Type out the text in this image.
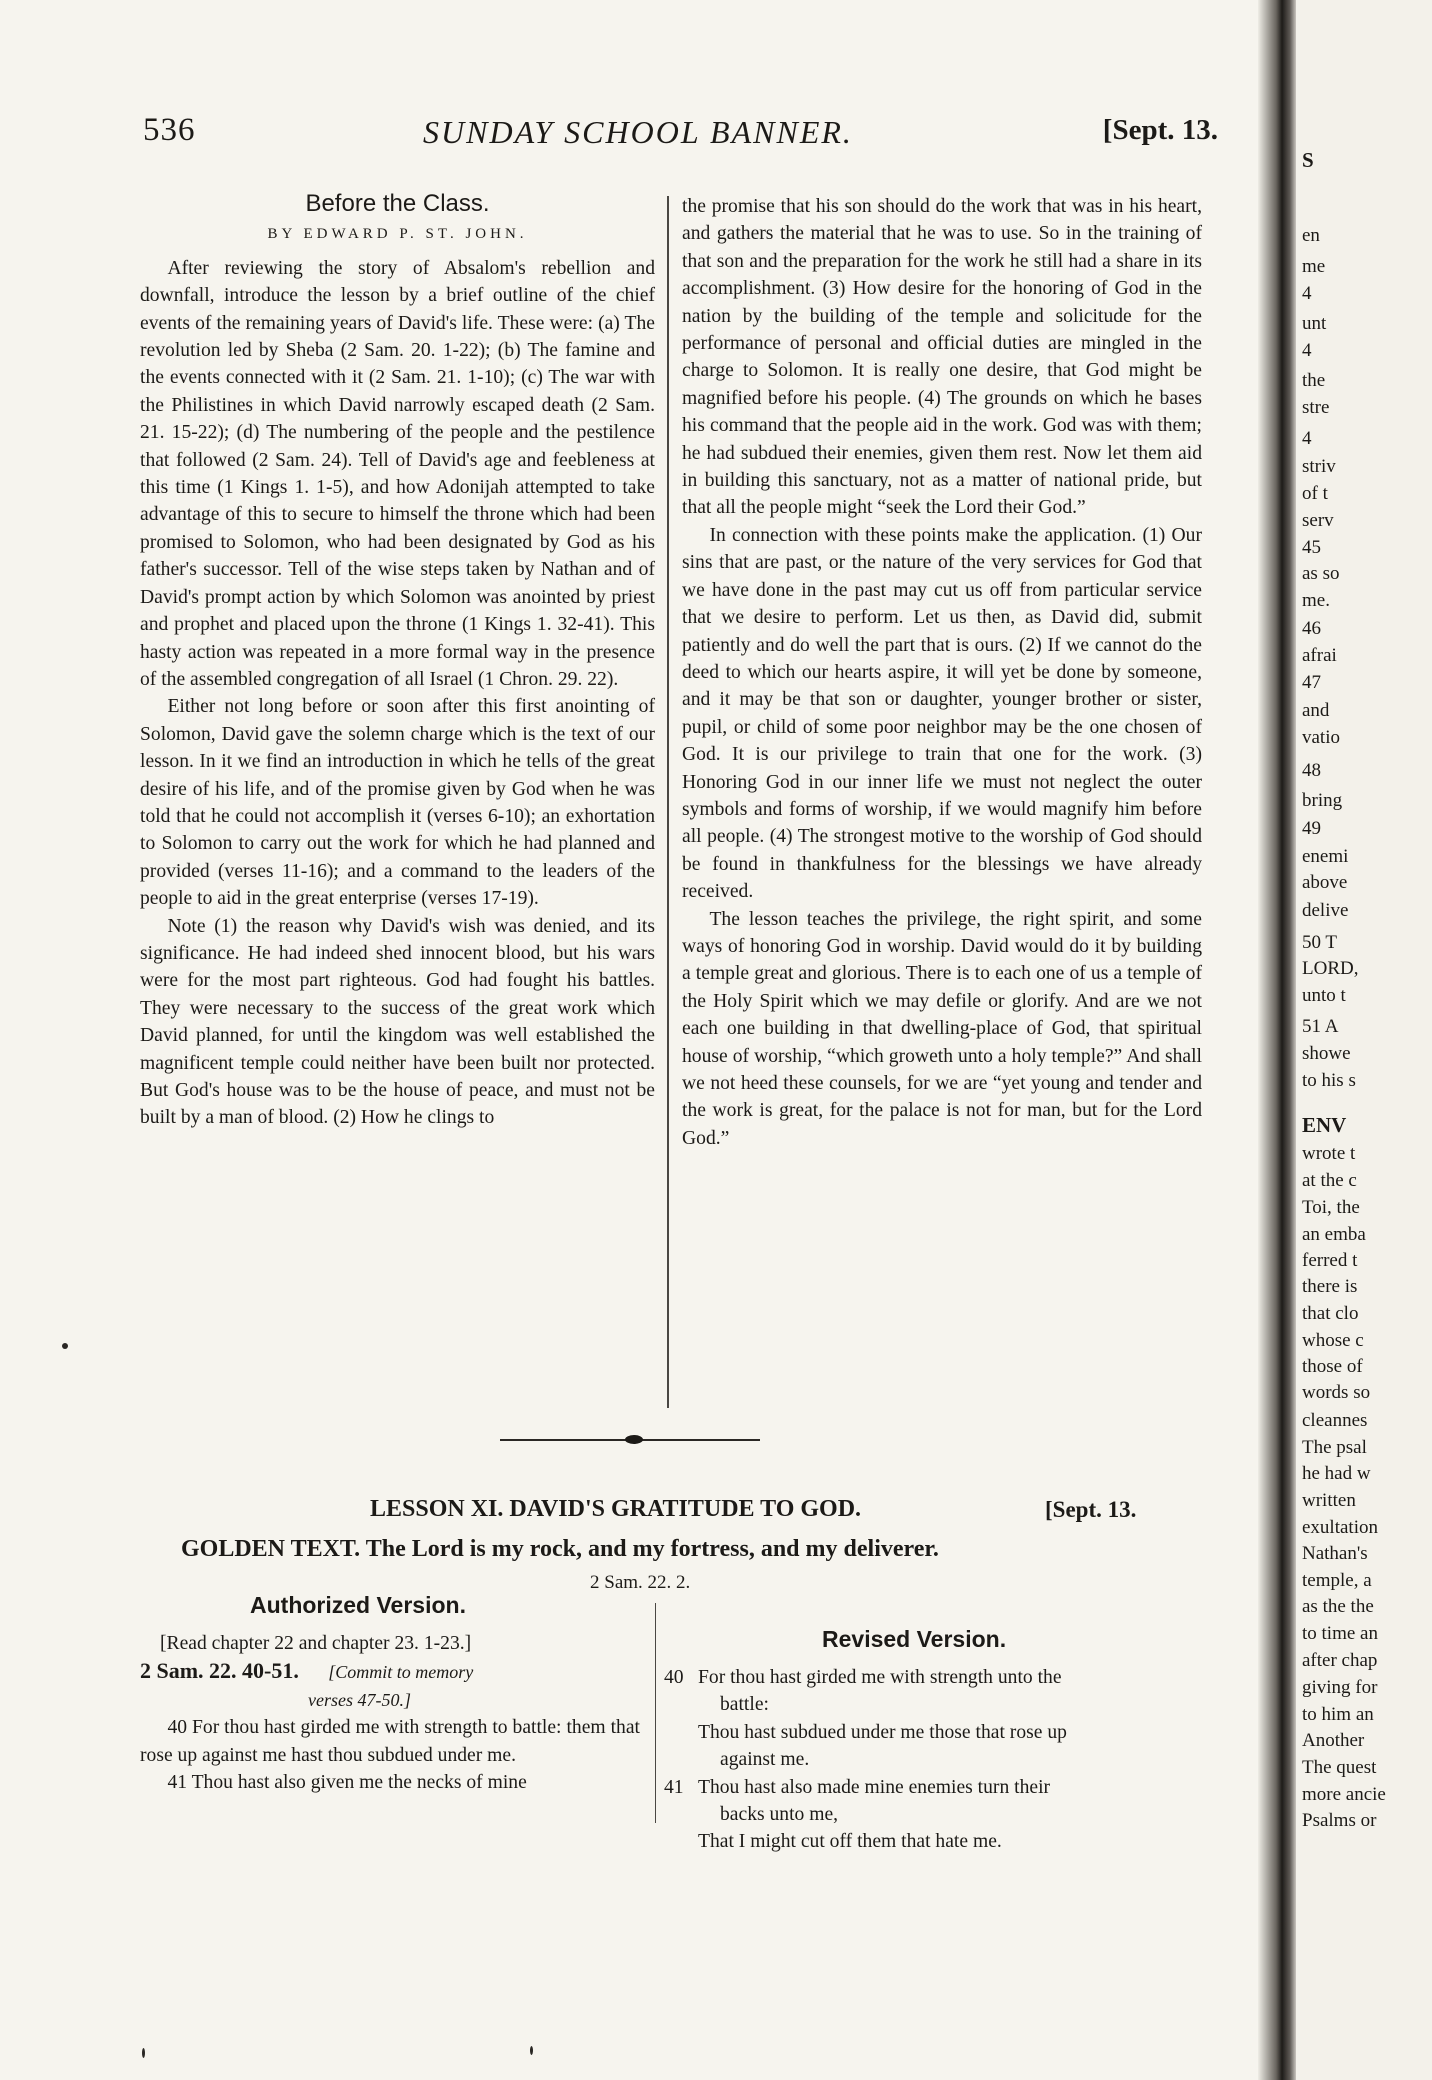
536	SUNDAY SCHOOL BANNER.	[Sept. 13.
Before the Class.
BY EDWARD P. ST. JOHN.

After reviewing the story of Absalom's rebellion and downfall, introduce the lesson by a brief outline of the chief events of the remaining years of David's life. These were: (a) The revolution led by Sheba (2 Sam. 20. 1-22); (b) The famine and the events connected with it (2 Sam. 21. 1-10); (c) The war with the Philistines in which David narrowly escaped death (2 Sam. 21. 15-22); (d) The numbering of the people and the pestilence that followed (2 Sam. 24). Tell of David's age and feebleness at this time (1 Kings 1. 1-5), and how Adonijah attempted to take advantage of this to secure to himself the throne which had been promised to Solomon, who had been designated by God as his father's successor. Tell of the wise steps taken by Nathan and of David's prompt action by which Solomon was anointed by priest and prophet and placed upon the throne (1 Kings 1. 32-41). This hasty action was repeated in a more formal way in the presence of the assembled congregation of all Israel (1 Chron. 29. 22).

Either not long before or soon after this first anointing of Solomon, David gave the solemn charge which is the text of our lesson. In it we find an introduction in which he tells of the great desire of his life, and of the promise given by God when he was told that he could not accomplish it (verses 6-10); an exhortation to Solomon to carry out the work for which he had planned and provided (verses 11-16); and a command to the leaders of the people to aid in the great enterprise (verses 17-19).

Note (1) the reason why David's wish was denied, and its significance. He had indeed shed innocent blood, but his wars were for the most part righteous. God had fought his battles. They were necessary to the success of the great work which David planned, for until the kingdom was well established the magnificent temple could neither have been built nor protected. But God's house was to be the house of peace, and must not be built by a man of blood. (2) How he clings to

the promise that his son should do the work that was in his heart, and gathers the material that he was to use. So in the training of that son and the preparation for the work he still had a share in its accomplishment. (3) How desire for the honoring of God in the nation by the building of the temple and solicitude for the performance of personal and official duties are mingled in the charge to Solomon. It is really one desire, that God might be magnified before his people. (4) The grounds on which he bases his command that the people aid in the work. God was with them; he had subdued their enemies, given them rest. Now let them aid in building this sanctuary, not as a matter of national pride, but that all the people might “seek the Lord their God.”

In connection with these points make the application. (1) Our sins that are past, or the nature of the very services for God that we have done in the past may cut us off from particular service that we desire to perform. Let us then, as David did, submit patiently and do well the part that is ours. (2) If we cannot do the deed to which our hearts aspire, it will yet be done by someone, and it may be that son or daughter, younger brother or sister, pupil, or child of some poor neighbor may be the one chosen of God. It is our privilege to train that one for the work. (3) Honoring God in our inner life we must not neglect the outer symbols and forms of worship, if we would magnify him before all people. (4) The strongest motive to the worship of God should be found in thankfulness for the blessings we have already received.

The lesson teaches the privilege, the right spirit, and some ways of honoring God in worship. David would do it by building a temple great and glorious. There is to each one of us a temple of the Holy Spirit which we may defile or glorify. And are we not each one building in that dwelling-place of God, that spiritual house of worship, “which groweth unto a holy temple?” And shall we not heed these counsels, for we are “yet young and tender and the work is great, for the palace is not for man, but for the Lord God.”

LESSON XI. DAVID'S GRATITUDE TO GOD.	[Sept. 13.
GOLDEN TEXT. The Lord is my rock, and my fortress, and my deliverer.
2 Sam. 22. 2.
Authorized Version.
Revised Version.

[Read chapter 22 and chapter 23. 1-23.]

2 Sam. 22. 40-51. [Commit to memory

verses 47-50.]

40 For thou hast girded me with strength to battle: them that rose up against me hast thou subdued under me.

41 Thou hast also given me the necks of mine

40 For thou hast girded me with strength unto the

battle:

Thou hast subdued under me those that rose up

against me.

41 Thou hast also made mine enemies turn their

backs unto me,

That I might cut off them that hate me.

S
en
me
4
unt
4
the
stre
4
striv
of t
serv
45
as so
me.
46
afrai
47
and
vatio
48
bring
49
enemi
above
delive
50 T
LORD,
unto t
51 A
showe
to his s
ENV
wrote t
at the c
Toi, the
an emba
ferred t
there is
that clo
whose c
those of
words so
cleannes
The psal
he had w
written
exultation
Nathan's
temple, a
as the the
to time an
after chap
giving for
to him an
Another
The quest
more ancie
Psalms or
